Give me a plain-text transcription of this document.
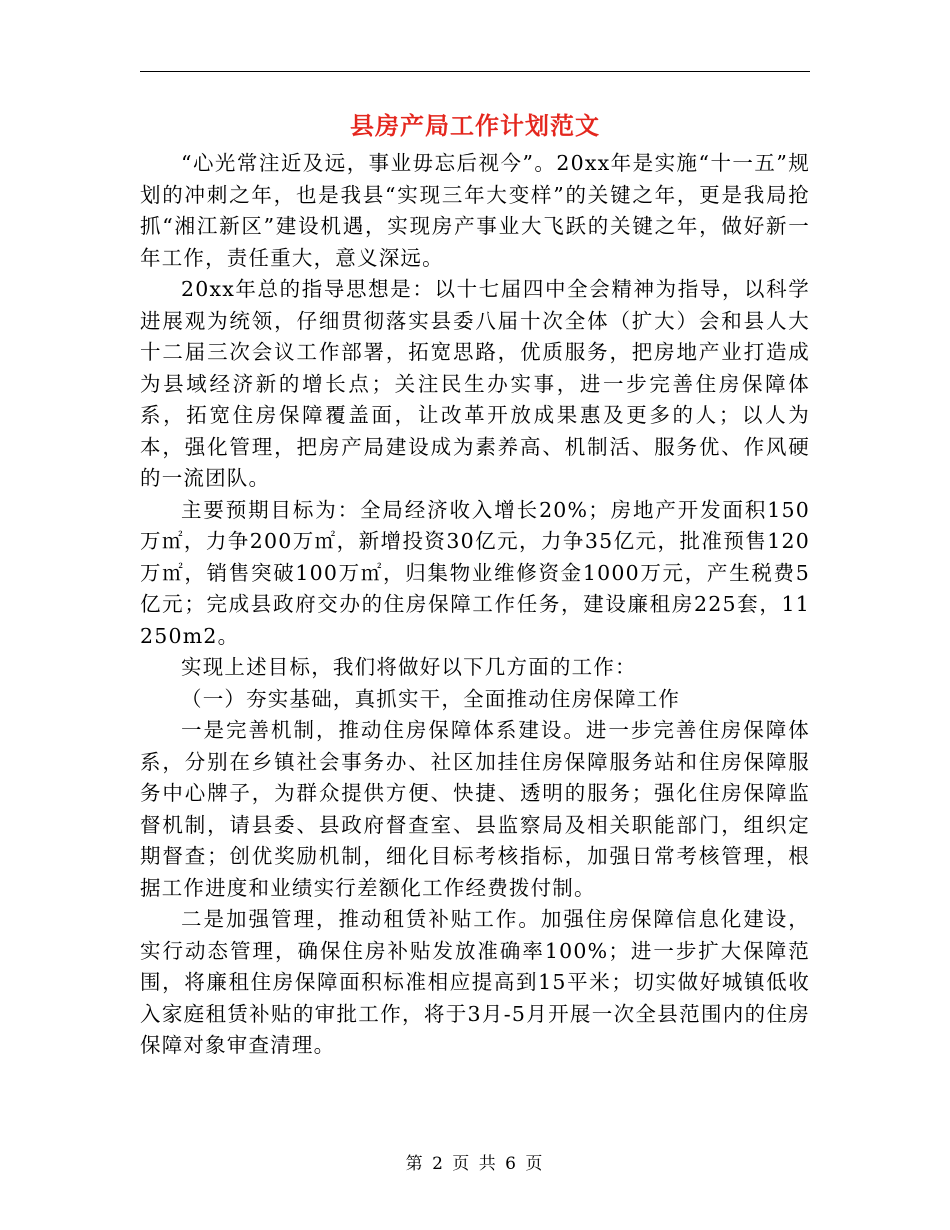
县房产局工作计划范文

“心光常注近及远，事业毋忘后视今”。20xx年是实施“十一五”规划的冲刺之年，也是我县“实现三年大变样”的关键之年，更是我局抢抓“湘江新区”建设机遇，实现房产事业大飞跃的关键之年，做好新一年工作，责任重大，意义深远。

20xx年总的指导思想是：以十七届四中全会精神为指导，以科学进展观为统领，仔细贯彻落实县委八届十次全体（扩大）会和县人大十二届三次会议工作部署，拓宽思路，优质服务，把房地产业打造成为县域经济新的增长点；关注民生办实事，进一步完善住房保障体系，拓宽住房保障覆盖面，让改革开放成果惠及更多的人；以人为本，强化管理，把房产局建设成为素养高、机制活、服务优、作风硬的一流团队。

主要预期目标为：全局经济收入增长20%；房地产开发面积150万㎡，力争200万㎡，新增投资30亿元，力争35亿元，批准预售120万㎡，销售突破100万㎡，归集物业维修资金1000万元，产生税费5亿元；完成县政府交办的住房保障工作任务，建设廉租房225套，11250m2。

实现上述目标，我们将做好以下几方面的工作：

（一）夯实基础，真抓实干，全面推动住房保障工作

一是完善机制，推动住房保障体系建设。进一步完善住房保障体系，分别在乡镇社会事务办、社区加挂住房保障服务站和住房保障服务中心牌子，为群众提供方便、快捷、透明的服务；强化住房保障监督机制，请县委、县政府督查室、县监察局及相关职能部门，组织定期督查；创优奖励机制，细化目标考核指标，加强日常考核管理，根据工作进度和业绩实行差额化工作经费拨付制。

二是加强管理，推动租赁补贴工作。加强住房保障信息化建设，实行动态管理，确保住房补贴发放准确率100%；进一步扩大保障范围，将廉租住房保障面积标准相应提高到15平米；切实做好城镇低收入家庭租赁补贴的审批工作，将于3月-5月开展一次全县范围内的住房保障对象审查清理。

第 2 页 共 6 页
